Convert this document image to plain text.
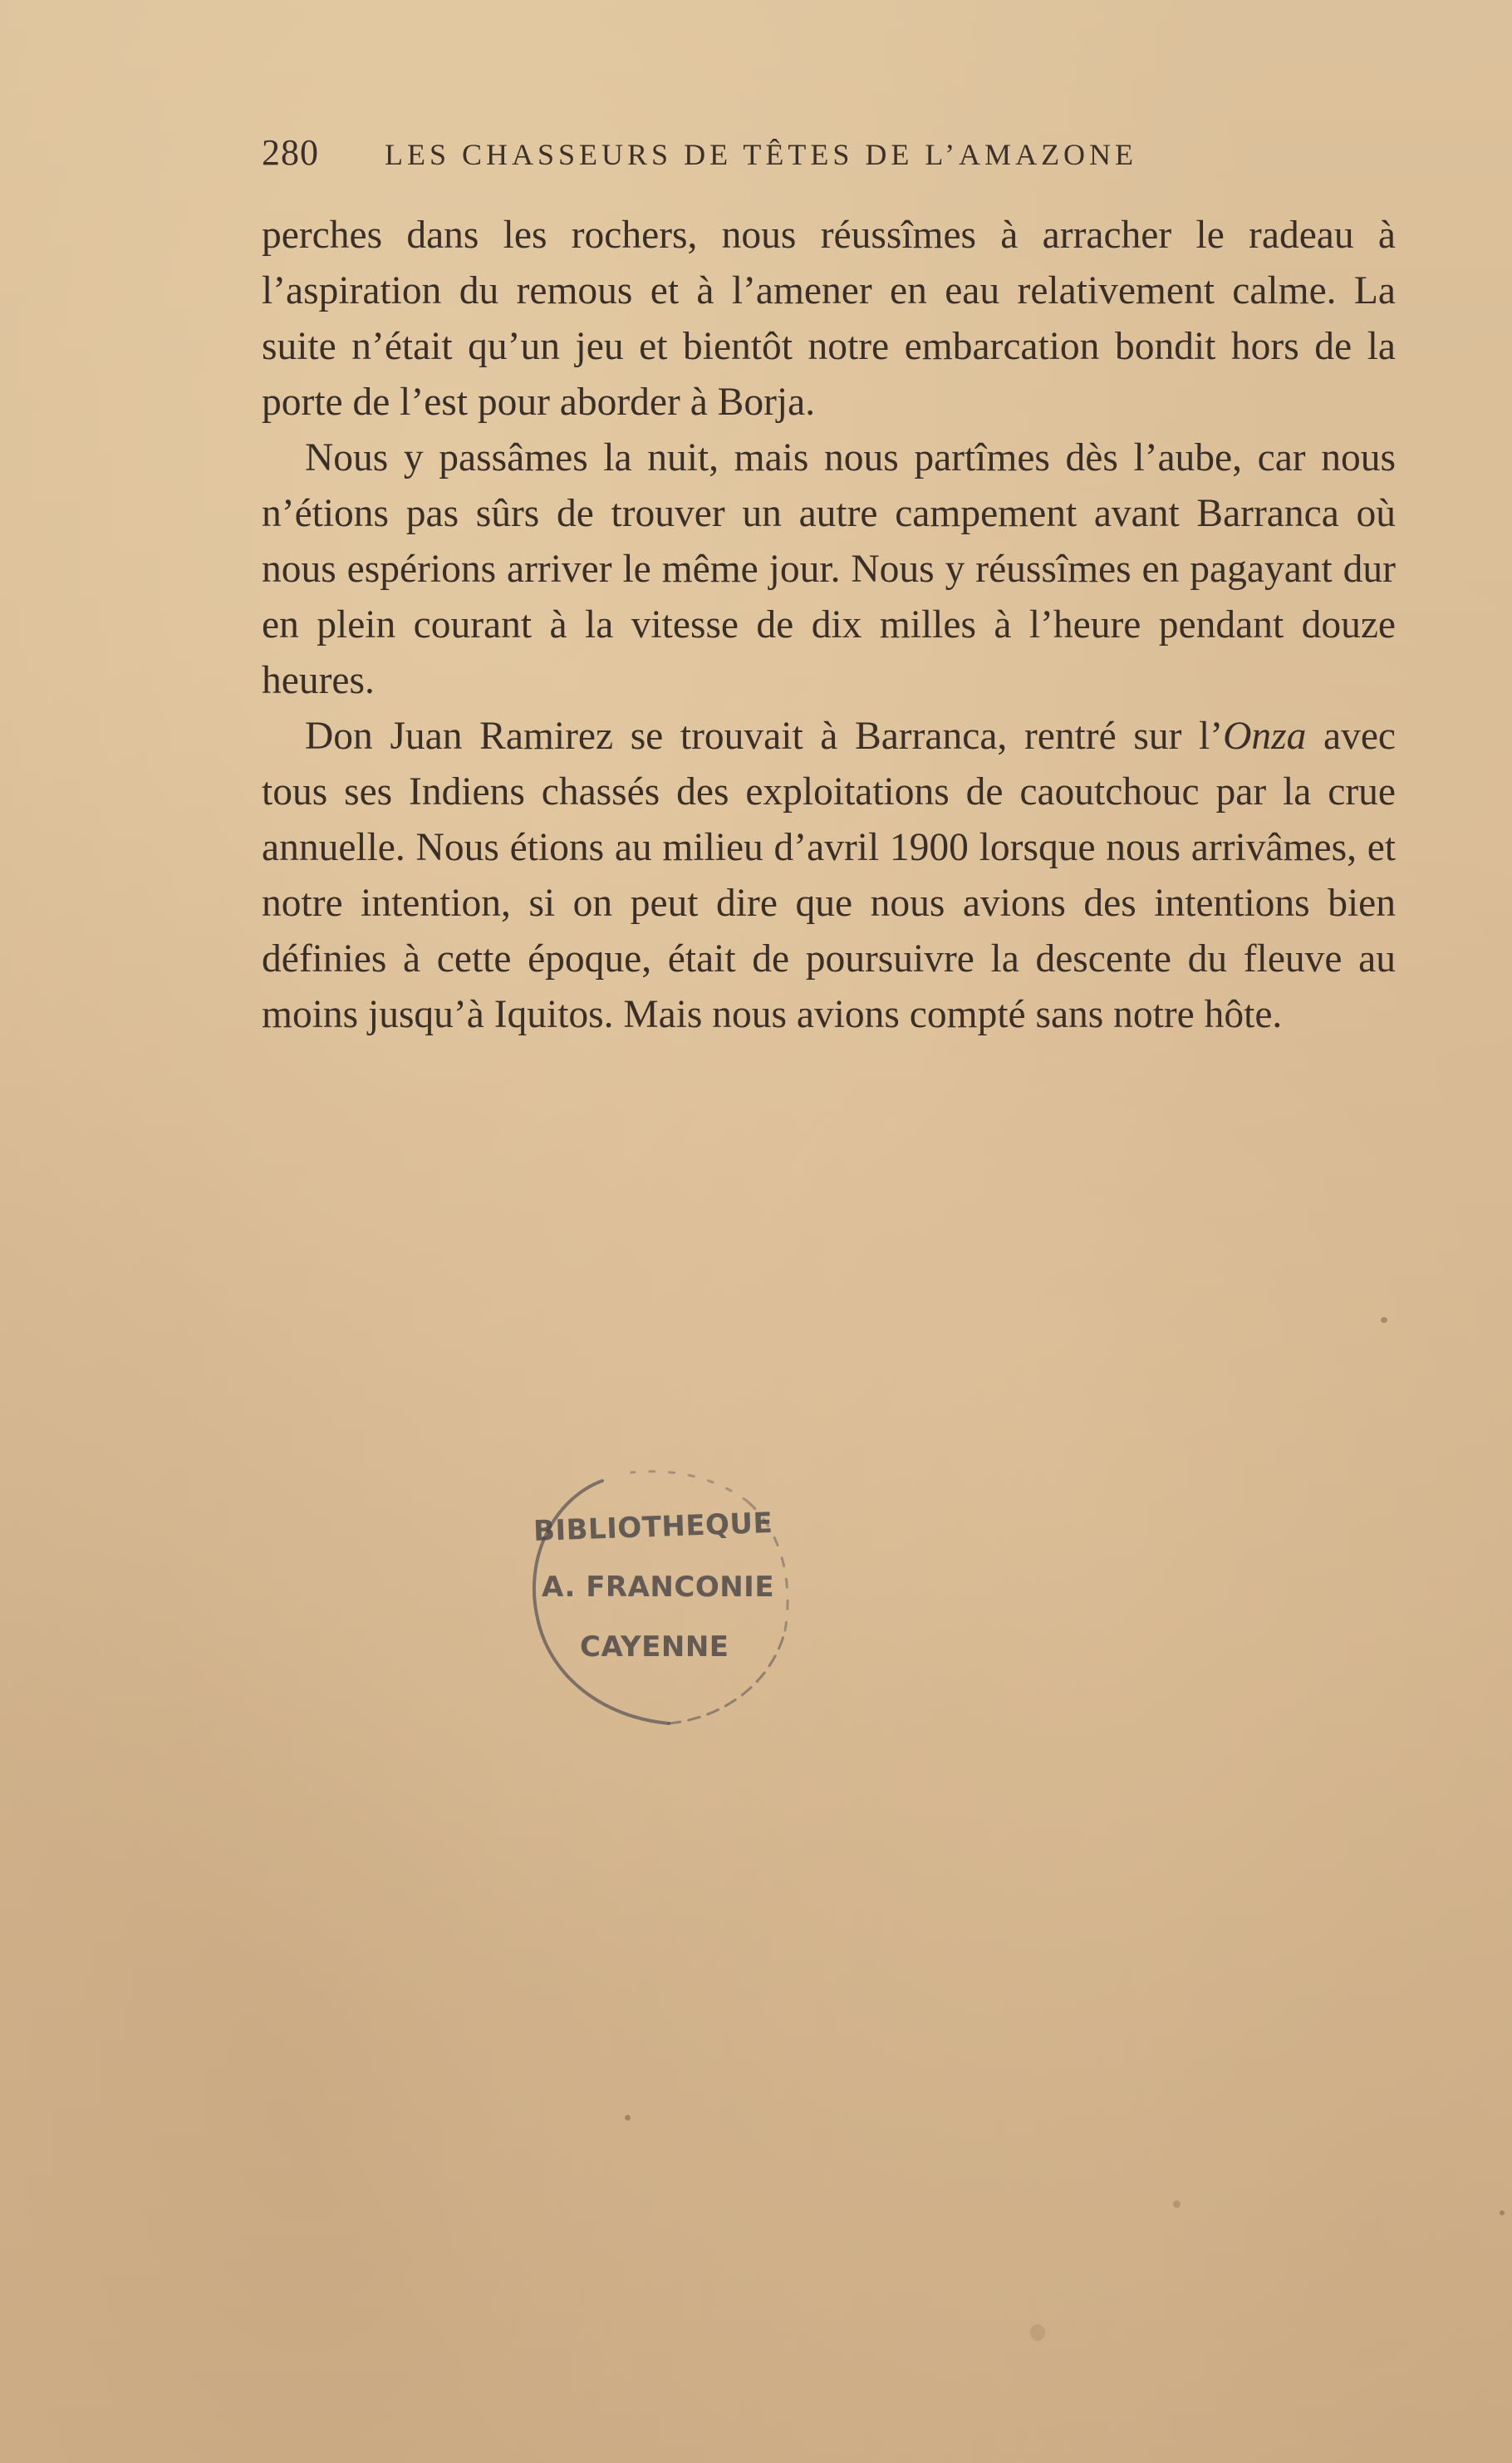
280	LES CHASSEURS DE TÊTES DE L’AMAZONE

perches dans les rochers, nous réussîmes à arracher le radeau à l’aspiration du remous et à l’amener en eau relativement calme. La suite n’était qu’un jeu et bientôt notre embarcation bondit hors de la porte de l’est pour aborder à Borja.

Nous y passâmes la nuit, mais nous partîmes dès l’aube, car nous n’étions pas sûrs de trouver un autre campement avant Barranca où nous espérions arriver le même jour. Nous y réussîmes en pagayant dur en plein courant à la vitesse de dix milles à l’heure pendant douze heures.

Don Juan Ramirez se trouvait à Barranca, rentré sur l’Onza avec tous ses Indiens chassés des exploitations de caoutchouc par la crue annuelle. Nous étions au milieu d’avril 1900 lorsque nous arrivâmes, et notre intention, si on peut dire que nous avions des intentions bien définies à cette époque, était de poursuivre la descente du fleuve au moins jusqu’à Iquitos. Mais nous avions compté sans notre hôte.

BIBLIOTHEQUE
A. FRANCONIE
CAYENNE
